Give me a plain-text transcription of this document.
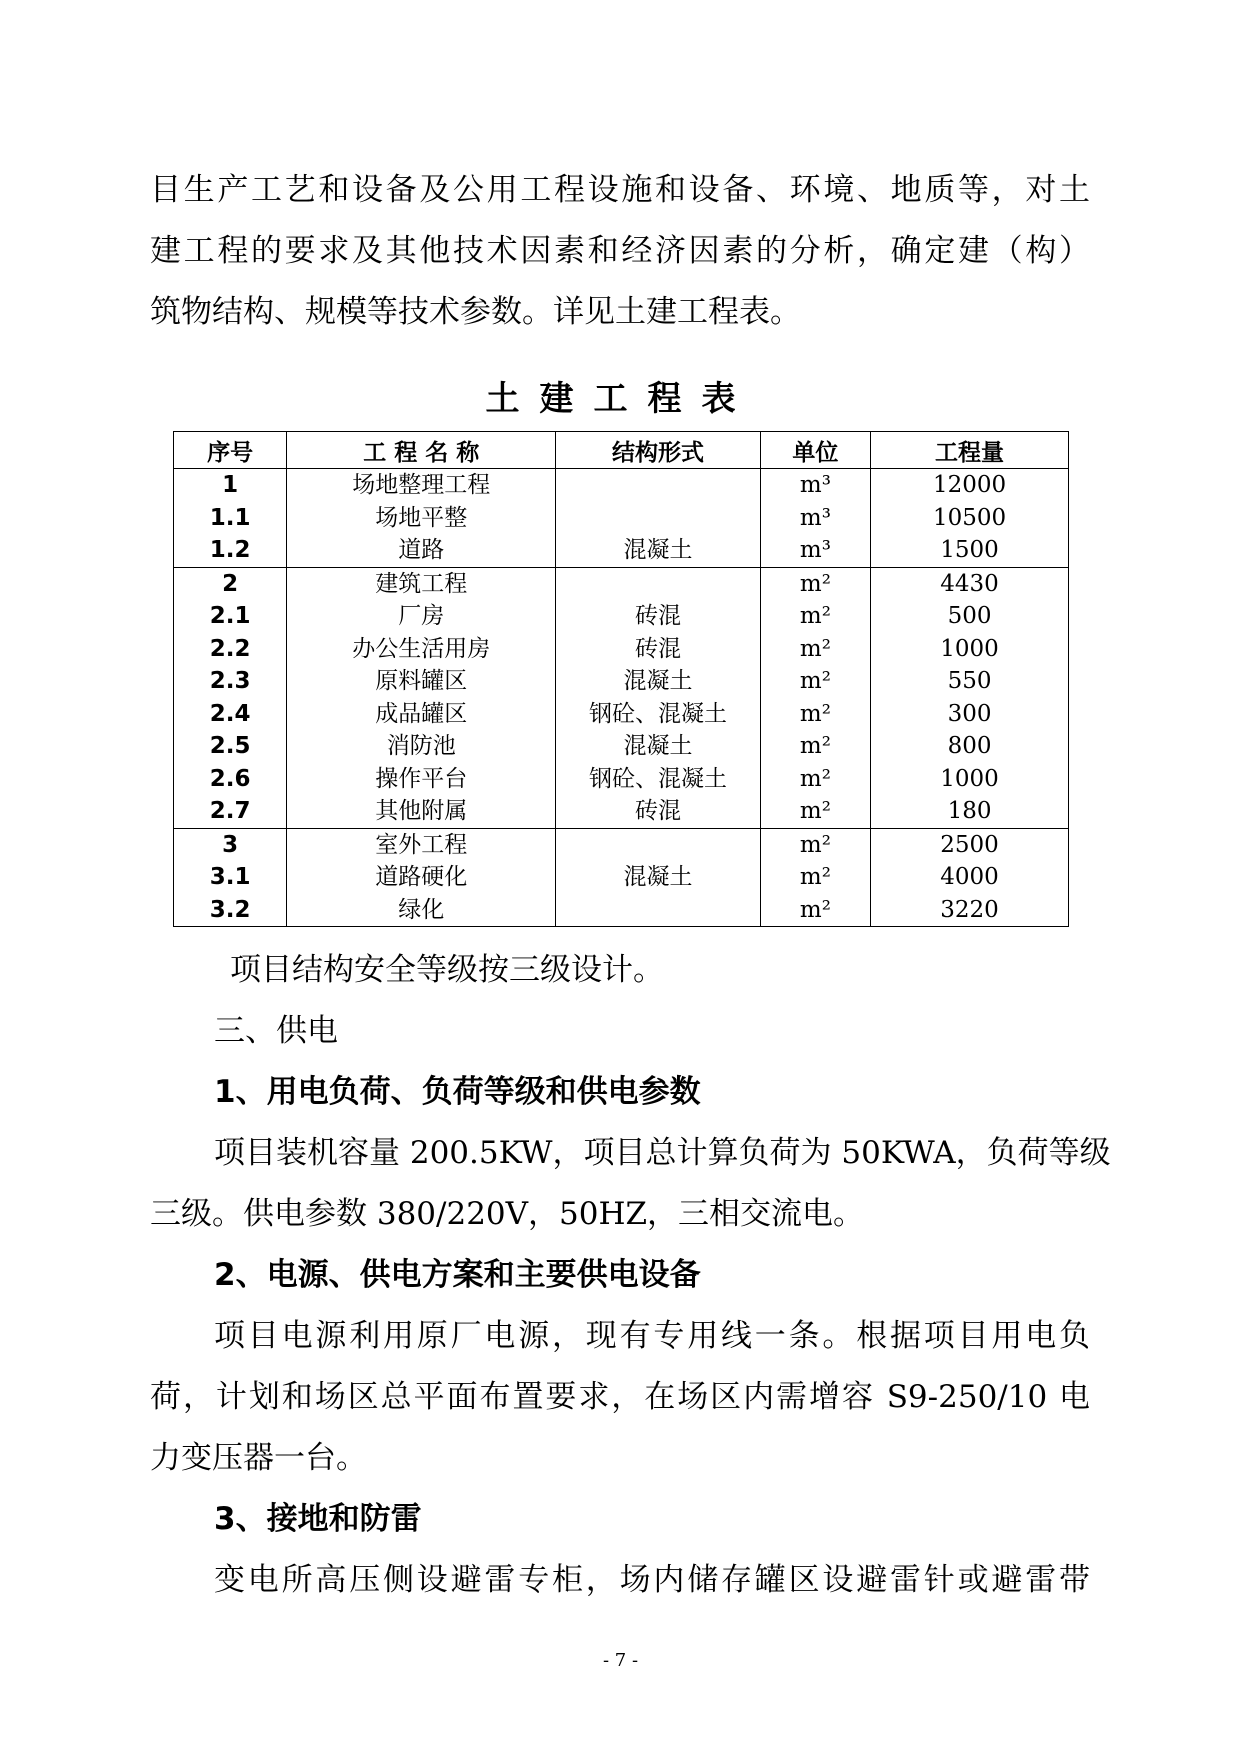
目生产工艺和设备及公用工程设施和设备、环境、地质等，对土

建工程的要求及其他技术因素和经济因素的分析，确定建（构）

筑物结构、规模等技术参数。详见土建工程表。

土建工程表
序号	工 程 名 称	结构形式	单位	工程量
1	场地整理工程		m³	12000
1.1	场地平整		m³	10500
1.2	道路	混凝土	m³	1500
2	建筑工程		m²	4430
2.1	厂房	砖混	m²	500
2.2	办公生活用房	砖混	m²	1000
2.3	原料罐区	混凝土	m²	550
2.4	成品罐区	钢砼、混凝土	m²	300
2.5	消防池	混凝土	m²	800
2.6	操作平台	钢砼、混凝土	m²	1000
2.7	其他附属	砖混	m²	180
3	室外工程		m²	2500
3.1	道路硬化	混凝土	m²	4000
3.2	绿化		m²	3220

项目结构安全等级按三级设计。

三、供电

1、用电负荷、负荷等级和供电参数

项目装机容量 200.5KW，项目总计算负荷为 50KWA，负荷等级

三级。供电参数 380/220V，50HZ，三相交流电。

2、电源、供电方案和主要供电设备

项目电源利用原厂电源，现有专用线一条。根据项目用电负

荷，计划和场区总平面布置要求，在场区内需增容 S9-250/10 电

力变压器一台。

3、接地和防雷

变电所高压侧设避雷专柜，场内储存罐区设避雷针或避雷带

- 7 -
